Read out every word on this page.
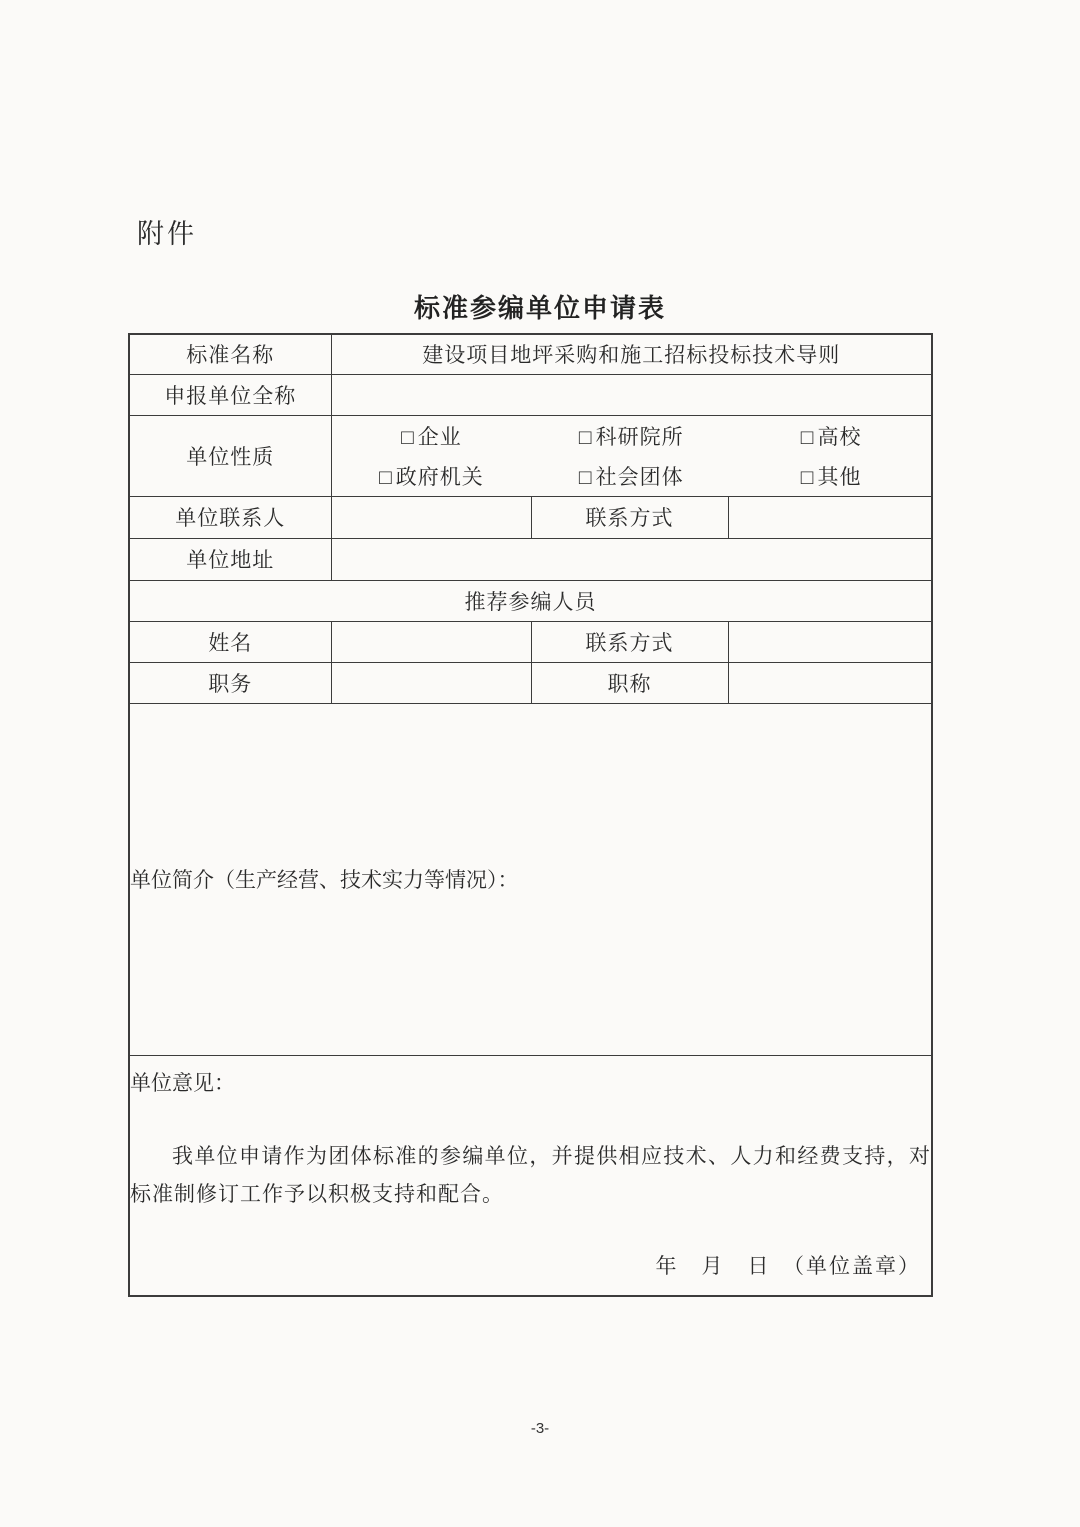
附件
标准参编单位申请表
标准名称	建设项目地坪采购和施工招标投标技术导则		
申报单位全称			
单位性质	
□ 企业	□ 科研院所	□ 高校
□ 政府机关	□ 社会团体	□ 其他

单位联系人		联系方式	
单位地址			
推荐参编人员			
姓名		联系方式	
职务		职称	

单位简介（生产经营、技术实力等情况）：			

单位意见：

我单位申请作为团体标准的参编单位，并提供相应技术、人力和经费支持，对标准制修订工作予以积极支持和配合。

年　月　日　（单位盖章）			
-3-
